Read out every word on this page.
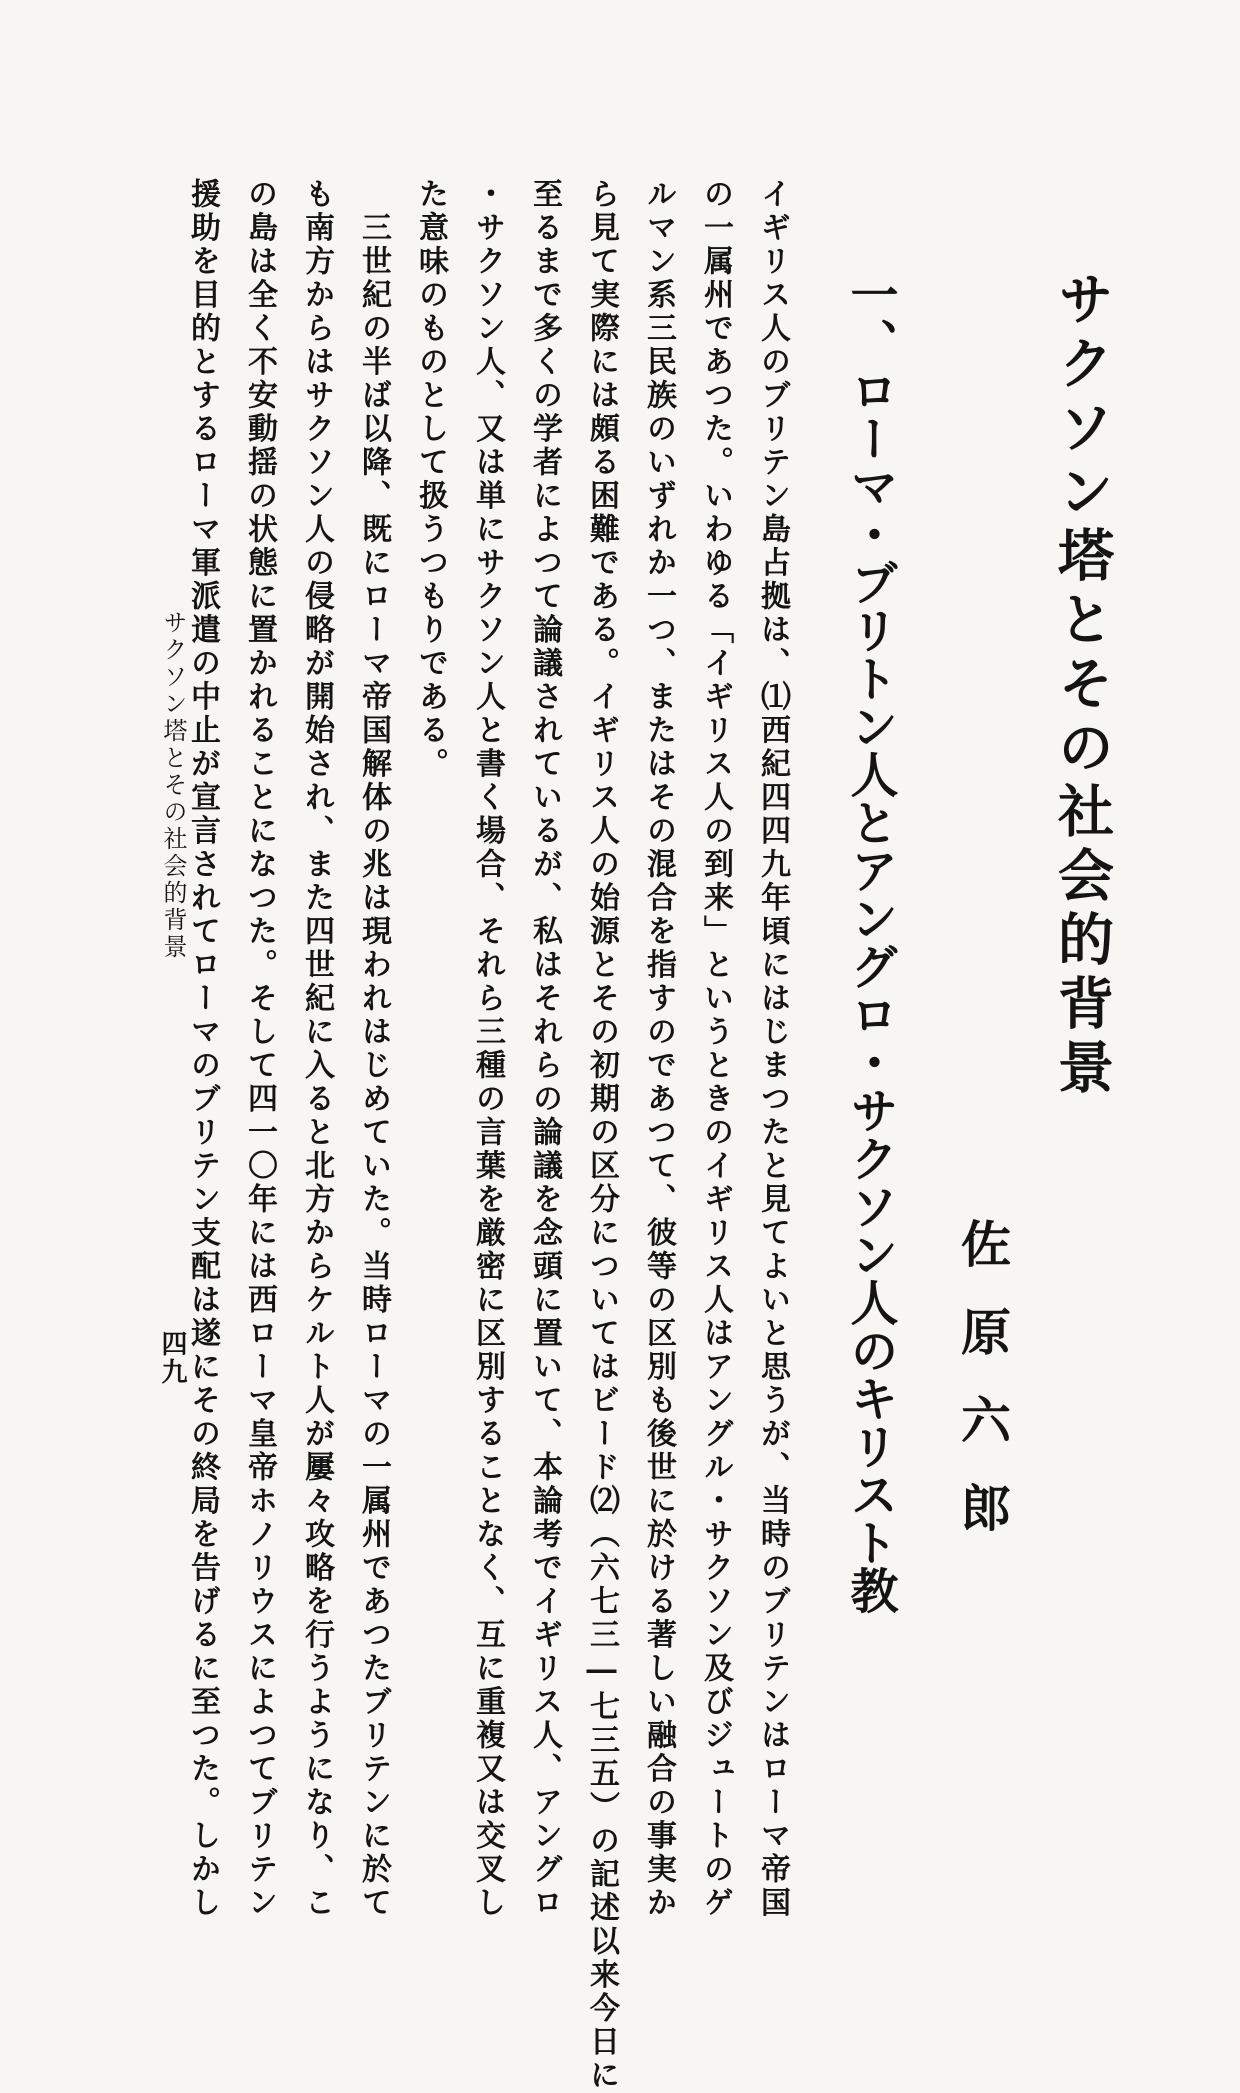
サクソン塔とその社会的背景
佐原六郎
一、ローマ・ブリトン人とアングロ・サクソン人のキリスト教
イギリス人のブリテン島占拠は、⑴西紀四四九年頃にはじまつたと見てよいと思うが、当時のブリテンはローマ帝国
の一属州であつた。いわゆる「イギリス人の到来」というときのイギリス人はアングル・サクソン及びジュートのゲ
ルマン系三民族のいずれか一つ、またはその混合を指すのであつて、彼等の区別も後世に於ける著しい融合の事実か
ら見て実際には頗る困難である。イギリス人の始源とその初期の区分についてはビード⑵（六七三―七三五）の記述以来今日に
至るまで多くの学者によつて論議されているが、私はそれらの論議を念頭に置いて、本論考でイギリス人、アングロ
・サクソン人、又は単にサクソン人と書く場合、それら三種の言葉を厳密に区別することなく、互に重複又は交叉し
た意味のものとして扱うつもりである。
　三世紀の半ば以降、既にローマ帝国解体の兆は現われはじめていた。当時ローマの一属州であつたブリテンに於て
も南方からはサクソン人の侵略が開始され、また四世紀に入ると北方からケルト人が屢々攻略を行うようになり、こ
の島は全く不安動揺の状態に置かれることになつた。そして四一〇年には西ローマ皇帝ホノリウスによつてブリテン
援助を目的とするローマ軍派遣の中止が宣言されてローマのブリテン支配は遂にその終局を告げるに至つた。しかし
サクソン塔とその社会的背景
四九
